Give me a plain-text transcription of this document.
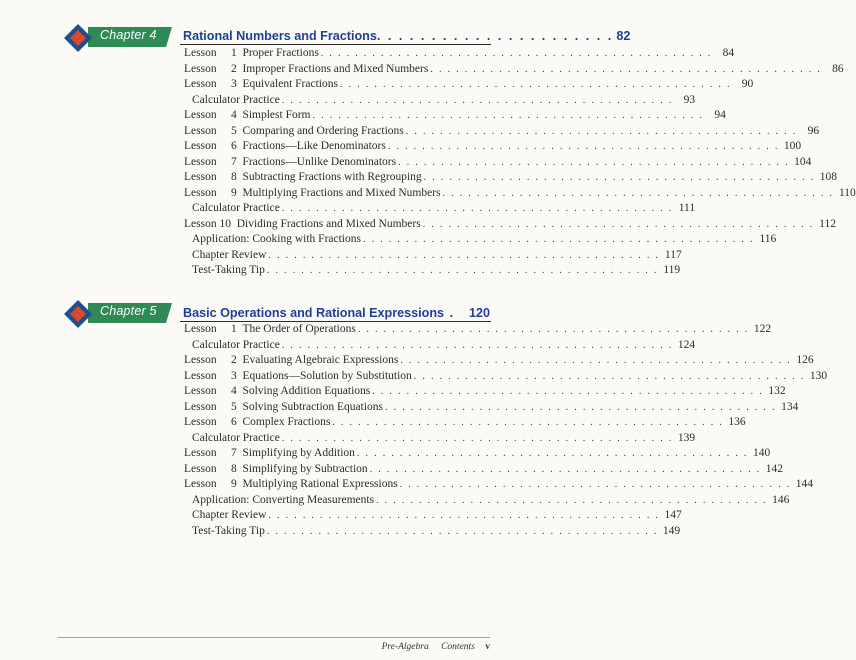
Chapter 4 Rational Numbers and Fractions . . . . . . . . . . . . . . . . . . . . . . 82
Lesson  1 Proper Fractions . . . . . . . . . . . . . . . . . . . . . . . . . . . . . . . . . . . . . . . . . . . . . . 84
Lesson  2 Improper Fractions and Mixed Numbers . . . . . . . . . . . . . . . . . . . . . . . . . . . . . . . . . . . . . . . . . . . . . . 86
Lesson  3 Equivalent Fractions . . . . . . . . . . . . . . . . . . . . . . . . . . . . . . . . . . . . . . . . . . . . . . 90
Calculator Practice . . . . . . . . . . . . . . . . . . . . . . . . . . . . . . . . . . . . . . . . . . . . . . 93
Lesson  4 Simplest Form . . . . . . . . . . . . . . . . . . . . . . . . . . . . . . . . . . . . . . . . . . . . . . 94
Lesson  5 Comparing and Ordering Fractions . . . . . . . . . . . . . . . . . . . . . . . . . . . . . . . . . . . . . . . . . . . . . . 96
Lesson  6 Fractions—Like Denominators . . . . . . . . . . . . . . . . . . . . . . . . . . . . . . . . . . . . . . . . . . . . . . 100
Lesson  7 Fractions—Unlike Denominators . . . . . . . . . . . . . . . . . . . . . . . . . . . . . . . . . . . . . . . . . . . . . . 104
Lesson  8 Subtracting Fractions with Regrouping . . . . . . . . . . . . . . . . . . . . . . . . . . . . . . . . . . . . . . . . . . . . . . 108
Lesson  9 Multiplying Fractions and Mixed Numbers . . . . . . . . . . . . . . . . . . . . . . . . . . . . . . . . . . . . . . . . . . . . . . 110
Calculator Practice . . . . . . . . . . . . . . . . . . . . . . . . . . . . . . . . . . . . . . . . . . . . . . 111
Lesson 10 Dividing Fractions and Mixed Numbers . . . . . . . . . . . . . . . . . . . . . . . . . . . . . . . . . . . . . . . . . . . . . . 112
Application: Cooking with Fractions . . . . . . . . . . . . . . . . . . . . . . . . . . . . . . . . . . . . . . . . . . . . . . 116
Chapter Review . . . . . . . . . . . . . . . . . . . . . . . . . . . . . . . . . . . . . . . . . . . . . . 117
Test-Taking Tip . . . . . . . . . . . . . . . . . . . . . . . . . . . . . . . . . . . . . . . . . . . . . . 119
Chapter 5 Basic Operations and Rational Expressions .	120
Lesson  1 The Order of Operations . . . . . . . . . . . . . . . . . . . . . . . . . . . . . . . . . . . . . . . . . . . . . . 122
Calculator Practice . . . . . . . . . . . . . . . . . . . . . . . . . . . . . . . . . . . . . . . . . . . . . . 124
Lesson  2 Evaluating Algebraic Expressions . . . . . . . . . . . . . . . . . . . . . . . . . . . . . . . . . . . . . . . . . . . . . . 126
Lesson  3 Equations—Solution by Substitution . . . . . . . . . . . . . . . . . . . . . . . . . . . . . . . . . . . . . . . . . . . . . . 130
Lesson  4 Solving Addition Equations . . . . . . . . . . . . . . . . . . . . . . . . . . . . . . . . . . . . . . . . . . . . . . 132
Lesson  5 Solving Subtraction Equations . . . . . . . . . . . . . . . . . . . . . . . . . . . . . . . . . . . . . . . . . . . . . . 134
Lesson  6 Complex Fractions . . . . . . . . . . . . . . . . . . . . . . . . . . . . . . . . . . . . . . . . . . . . . . 136
Calculator Practice . . . . . . . . . . . . . . . . . . . . . . . . . . . . . . . . . . . . . . . . . . . . . . 139
Lesson  7 Simplifying by Addition . . . . . . . . . . . . . . . . . . . . . . . . . . . . . . . . . . . . . . . . . . . . . . 140
Lesson  8 Simplifying by Subtraction . . . . . . . . . . . . . . . . . . . . . . . . . . . . . . . . . . . . . . . . . . . . . . 142
Lesson  9 Multiplying Rational Expressions . . . . . . . . . . . . . . . . . . . . . . . . . . . . . . . . . . . . . . . . . . . . . . 144
Application: Converting Measurements . . . . . . . . . . . . . . . . . . . . . . . . . . . . . . . . . . . . . . . . . . . . . . 146
Chapter Review . . . . . . . . . . . . . . . . . . . . . . . . . . . . . . . . . . . . . . . . . . . . . . 147
Test-Taking Tip . . . . . . . . . . . . . . . . . . . . . . . . . . . . . . . . . . . . . . . . . . . . . . 149
Pre-Algebra Contents v
